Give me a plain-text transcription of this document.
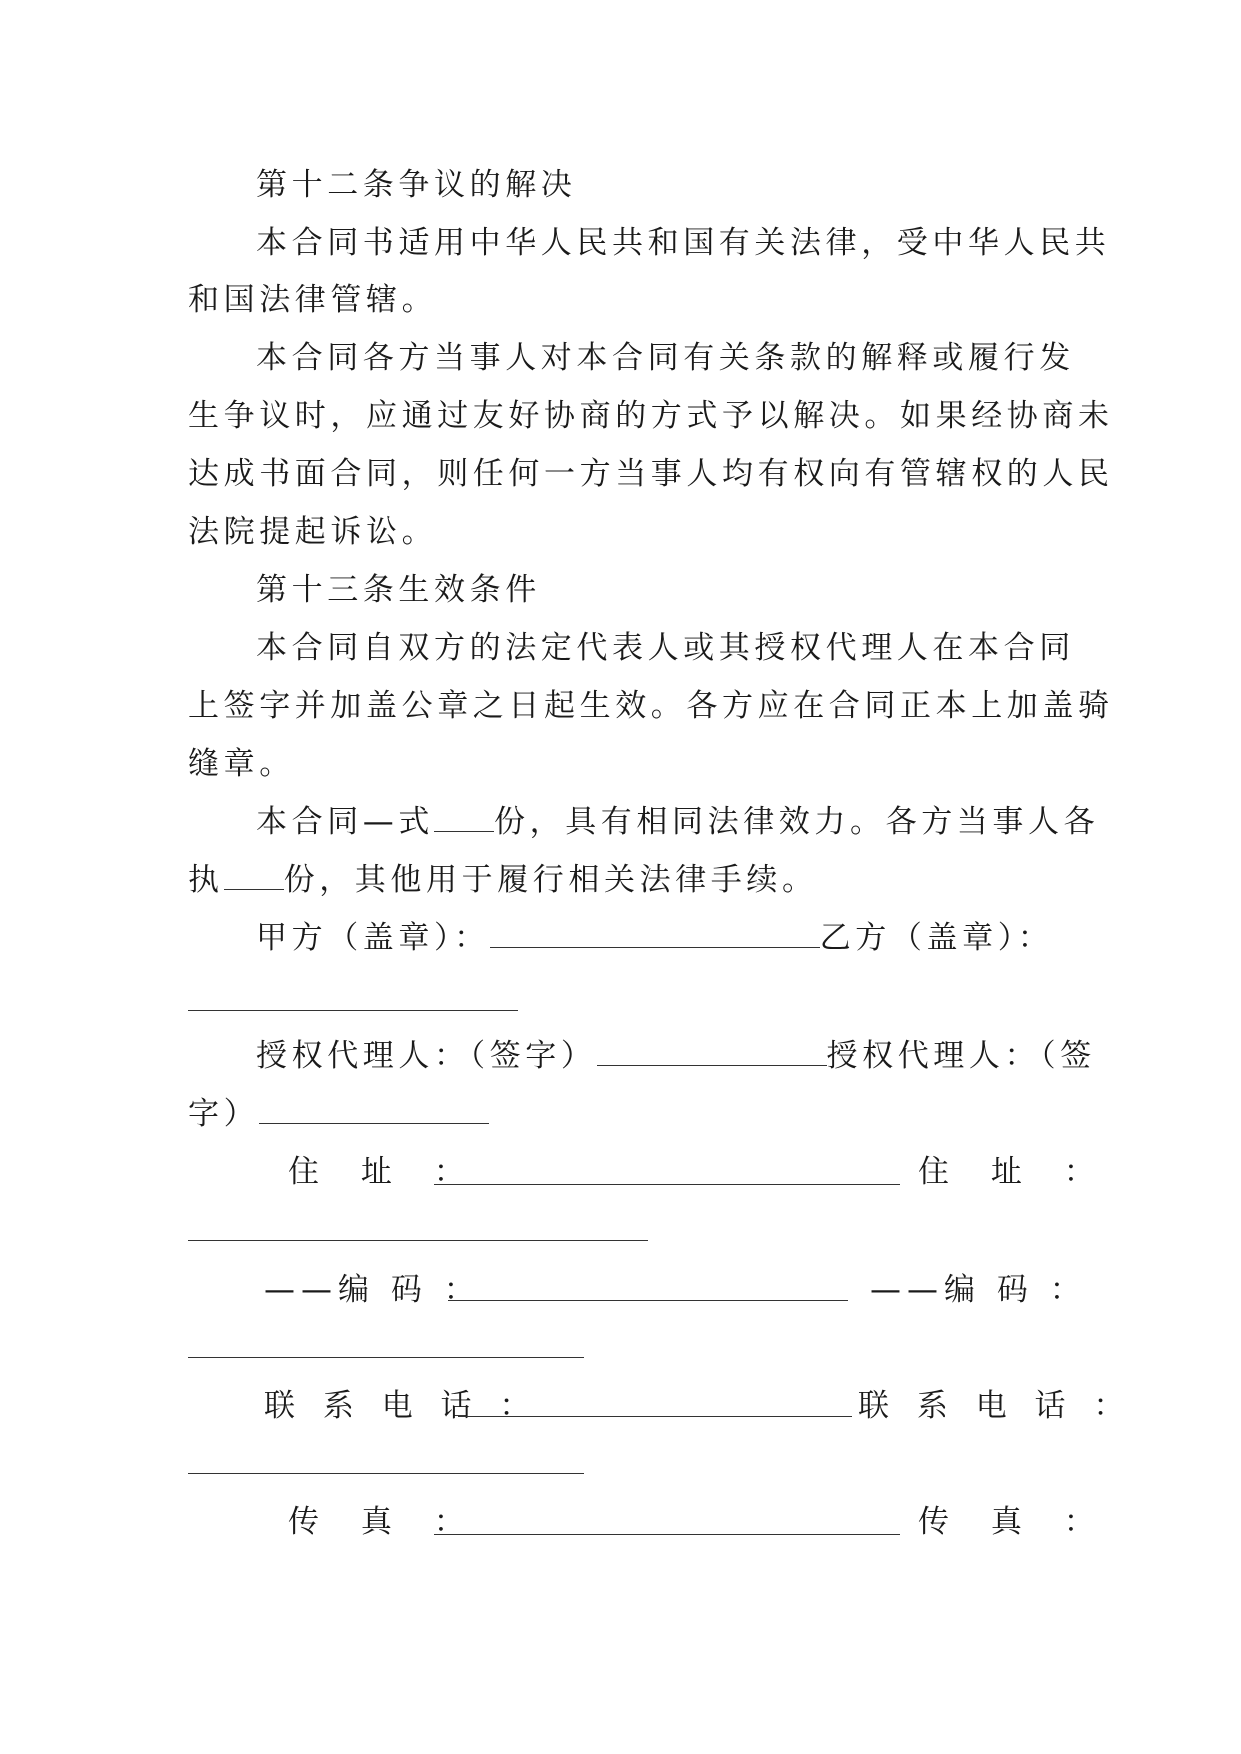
第十二条争议的解决
本合同书适用中华人民共和国有关法律，受中华人民共
和国法律管辖。
本合同各方当事人对本合同有关条款的解释或履行发
生争议时，应通过友好协商的方式予以解决。如果经协商未
达成书面合同，则任何一方当事人均有权向有管辖权的人民
法院提起诉讼。
第十三条生效条件
本合同自双方的法定代表人或其授权代理人在本合同
上签字并加盖公章之日起生效。各方应在合同正本上加盖骑
缝章。
本合同—式 份，具有相同法律效力。各方当事人各
执 份，其他用于履行相关法律手续。
甲方（盖章）：	乙方（盖章）：
授权代理人：（签字）	授权代理人：（签
字）
住 址 ：	住 址 ：
——编 码 ：	——编 码 ：
联 系 电 话 ：	联 系 电 话 ：
传 真 ：	传 真 ：
